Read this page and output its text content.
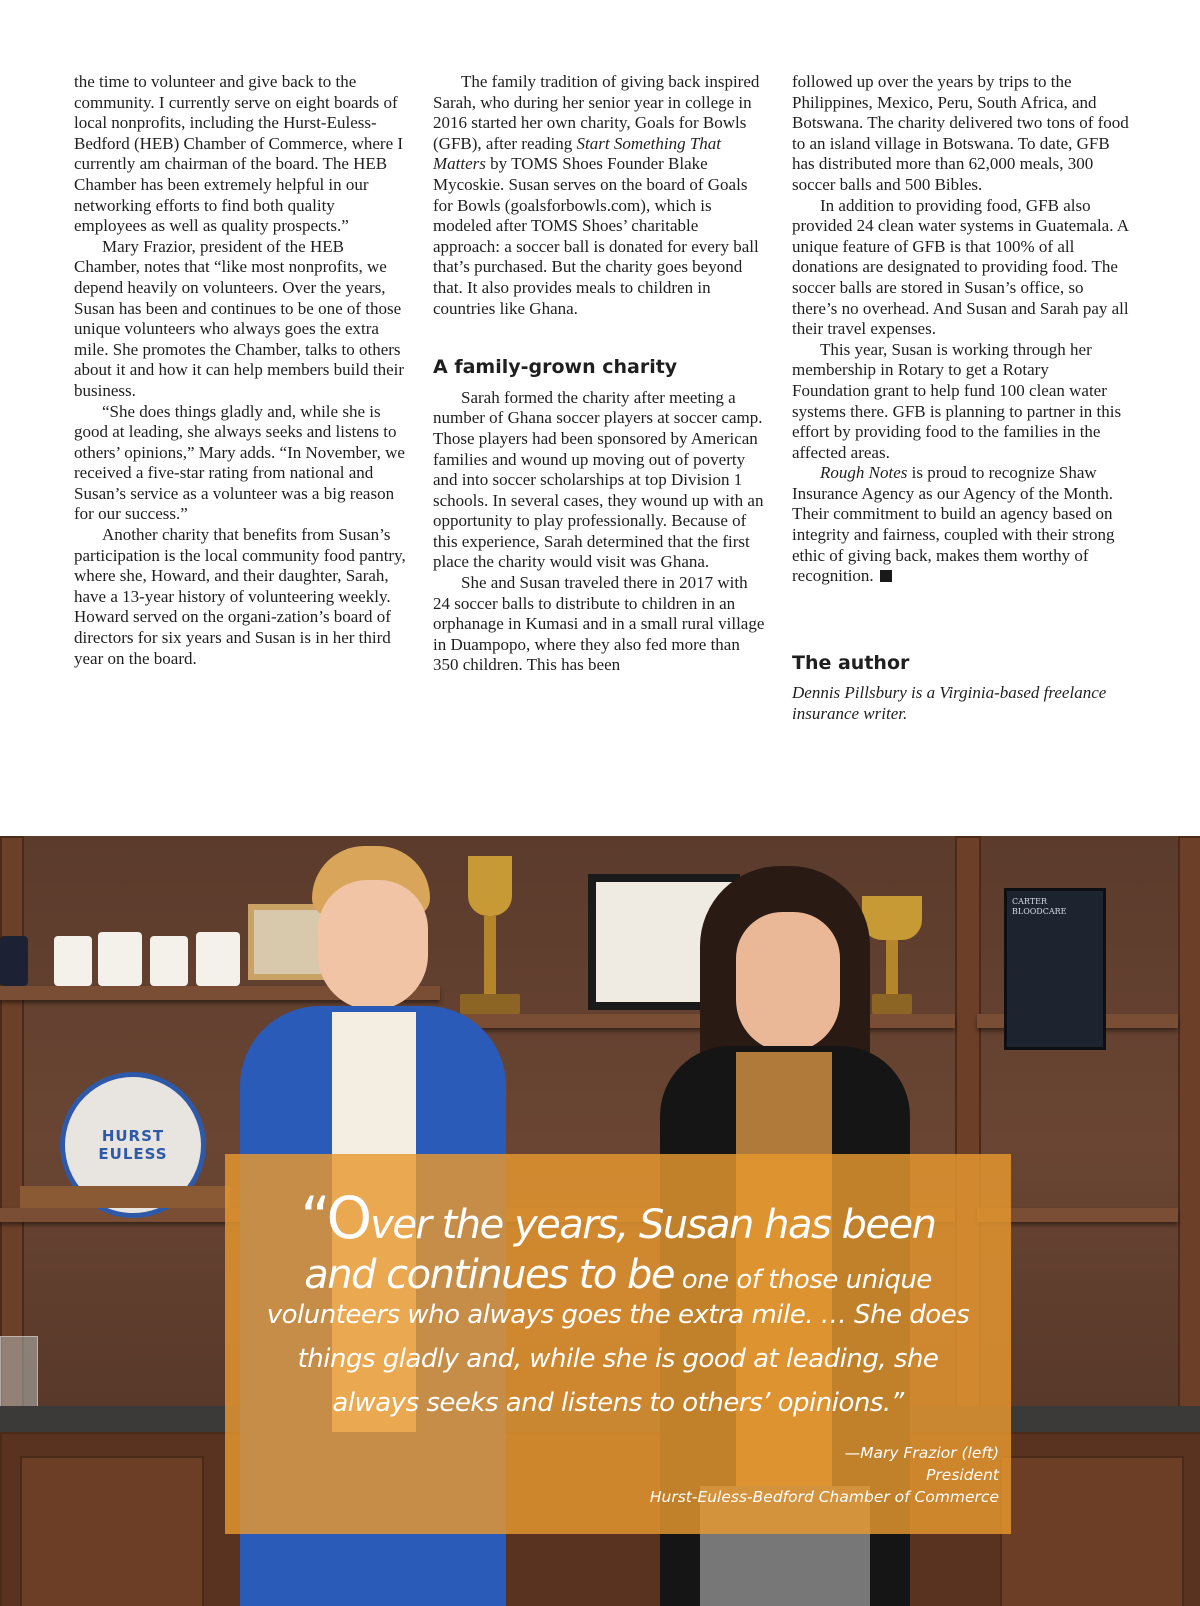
the time to volunteer and give back to the community. I currently serve on eight boards of local nonprofits, including the Hurst-Euless-Bedford (HEB) Chamber of Commerce, where I currently am chairman of the board. The HEB Chamber has been extremely helpful in our networking efforts to find both quality employees as well as quality prospects.”

Mary Frazior, president of the HEB Chamber, notes that “like most nonprofits, we depend heavily on volunteers. Over the years, Susan has been and continues to be one of those unique volunteers who always goes the extra mile. She promotes the Chamber, talks to others about it and how it can help members build their business.

“She does things gladly and, while she is good at leading, she always seeks and listens to others’ opinions,” Mary adds. “In November, we received a five-star rating from national and Susan’s service as a volunteer was a big reason for our success.”

Another charity that benefits from Susan’s participation is the local community food pantry, where she, Howard, and their daughter, Sarah, have a 13-year history of volunteering weekly. Howard served on the organi-zation’s board of directors for six years and Susan is in her third year on the board.

The family tradition of giving back inspired Sarah, who during her senior year in college in 2016 started her own charity, Goals for Bowls (GFB), after reading Start Something That Matters by TOMS Shoes Founder Blake Mycoskie. Susan serves on the board of Goals for Bowls (goalsforbowls.com), which is modeled after TOMS Shoes’ charitable approach: a soccer ball is donated for every ball that’s purchased. But the charity goes beyond that. It also provides meals to children in countries like Ghana.

A family-grown charity

Sarah formed the charity after meeting a number of Ghana soccer players at soccer camp. Those players had been sponsored by American families and wound up moving out of poverty and into soccer scholarships at top Division 1 schools. In several cases, they wound up with an opportunity to play professionally. Because of this experience, Sarah determined that the first place the charity would visit was Ghana.

She and Susan traveled there in 2017 with 24 soccer balls to distribute to children in an orphanage in Kumasi and in a small rural village in Duampopo, where they also fed more than 350 children. This has been

followed up over the years by trips to the Philippines, Mexico, Peru, South Africa, and Botswana. The charity delivered two tons of food to an island village in Botswana. To date, GFB has distributed more than 62,000 meals, 300 soccer balls and 500 Bibles.

In addition to providing food, GFB also provided 24 clean water systems in Guatemala. A unique feature of GFB is that 100% of all donations are designated to providing food. The soccer balls are stored in Susan’s office, so there’s no overhead. And Susan and Sarah pay all their travel expenses.

This year, Susan is working through her membership in Rotary to get a Rotary Foundation grant to help fund 100 clean water systems there. GFB is planning to partner in this effort by providing food to the families in the affected areas.

Rough Notes is proud to recognize Shaw Insurance Agency as our Agency of the Month. Their commitment to build an agency based on integrity and fairness, coupled with their strong ethic of giving back, makes them worthy of recognition.

The author

Dennis Pillsbury is a Virginia-based freelance insurance writer.

CARTER BLOODCARE
HURST EULESS
“Over the years, Susan has been
and continues to be one of those unique
volunteers who always goes the extra mile. … She does
things gladly and, while she is good at leading, she
always seeks and listens to others’ opinions.”
—Mary Frazior (left)
President
Hurst-Euless-Bedford Chamber of Commerce
